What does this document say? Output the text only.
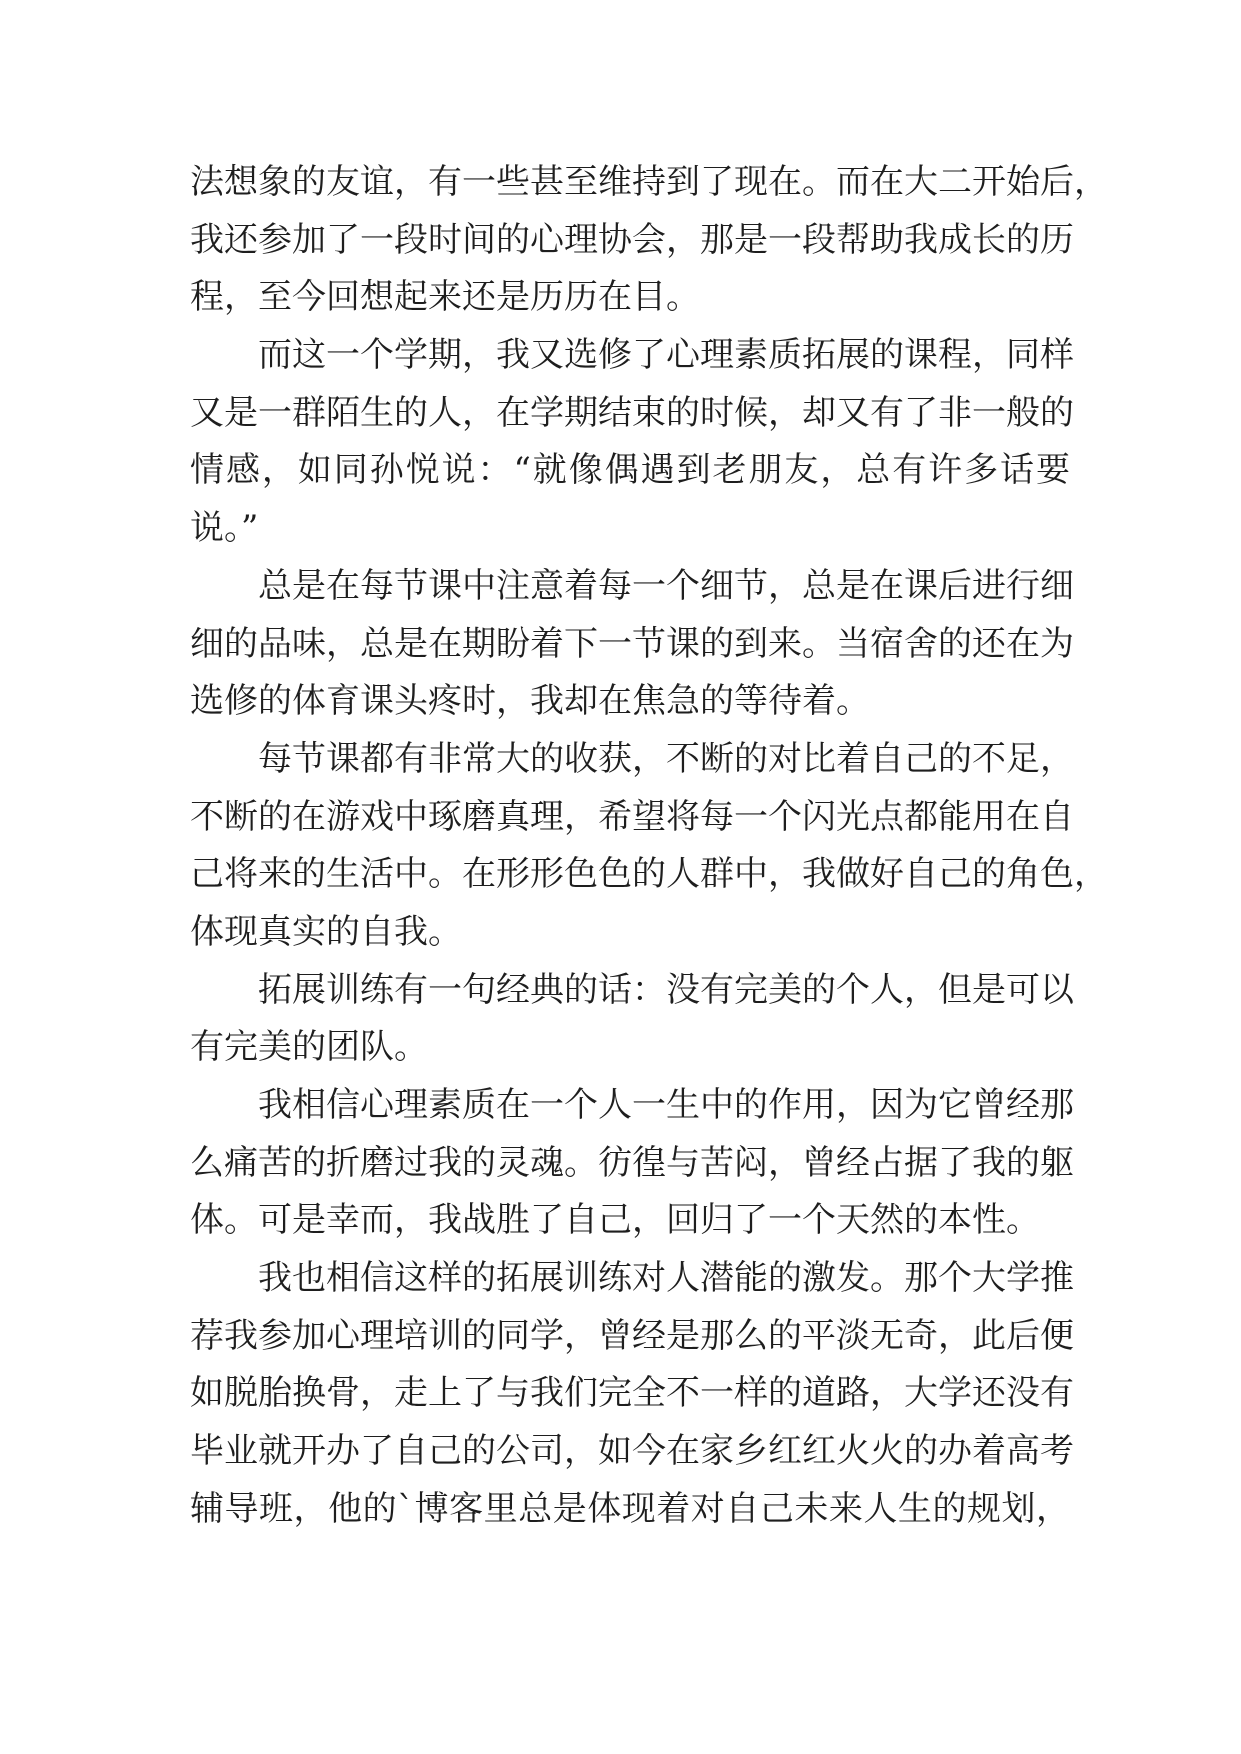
法想象的友谊，有一些甚至维持到了现在。而在大二开始后，
我还参加了一段时间的心理协会，那是一段帮助我成长的历
程，至今回想起来还是历历在目。
而这一个学期，我又选修了心理素质拓展的课程，同样
又是一群陌生的人，在学期结束的时候，却又有了非一般的
情感，如同孙悦说：“就像偶遇到老朋友，总有许多话要
说。”
总是在每节课中注意着每一个细节，总是在课后进行细
细的品味，总是在期盼着下一节课的到来。当宿舍的还在为
选修的体育课头疼时，我却在焦急的等待着。
每节课都有非常大的收获，不断的对比着自己的不足，
不断的在游戏中琢磨真理，希望将每一个闪光点都能用在自
己将来的生活中。在形形色色的人群中，我做好自己的角色，
体现真实的自我。
拓展训练有一句经典的话：没有完美的个人，但是可以
有完美的团队。
我相信心理素质在一个人一生中的作用，因为它曾经那
么痛苦的折磨过我的灵魂。彷徨与苦闷，曾经占据了我的躯
体。可是幸而，我战胜了自己，回归了一个天然的本性。
我也相信这样的拓展训练对人潜能的激发。那个大学推
荐我参加心理培训的同学，曾经是那么的平淡无奇，此后便
如脱胎换骨，走上了与我们完全不一样的道路，大学还没有
毕业就开办了自己的公司，如今在家乡红红火火的办着高考
辅导班，他的`博客里总是体现着对自己未来人生的规划，
